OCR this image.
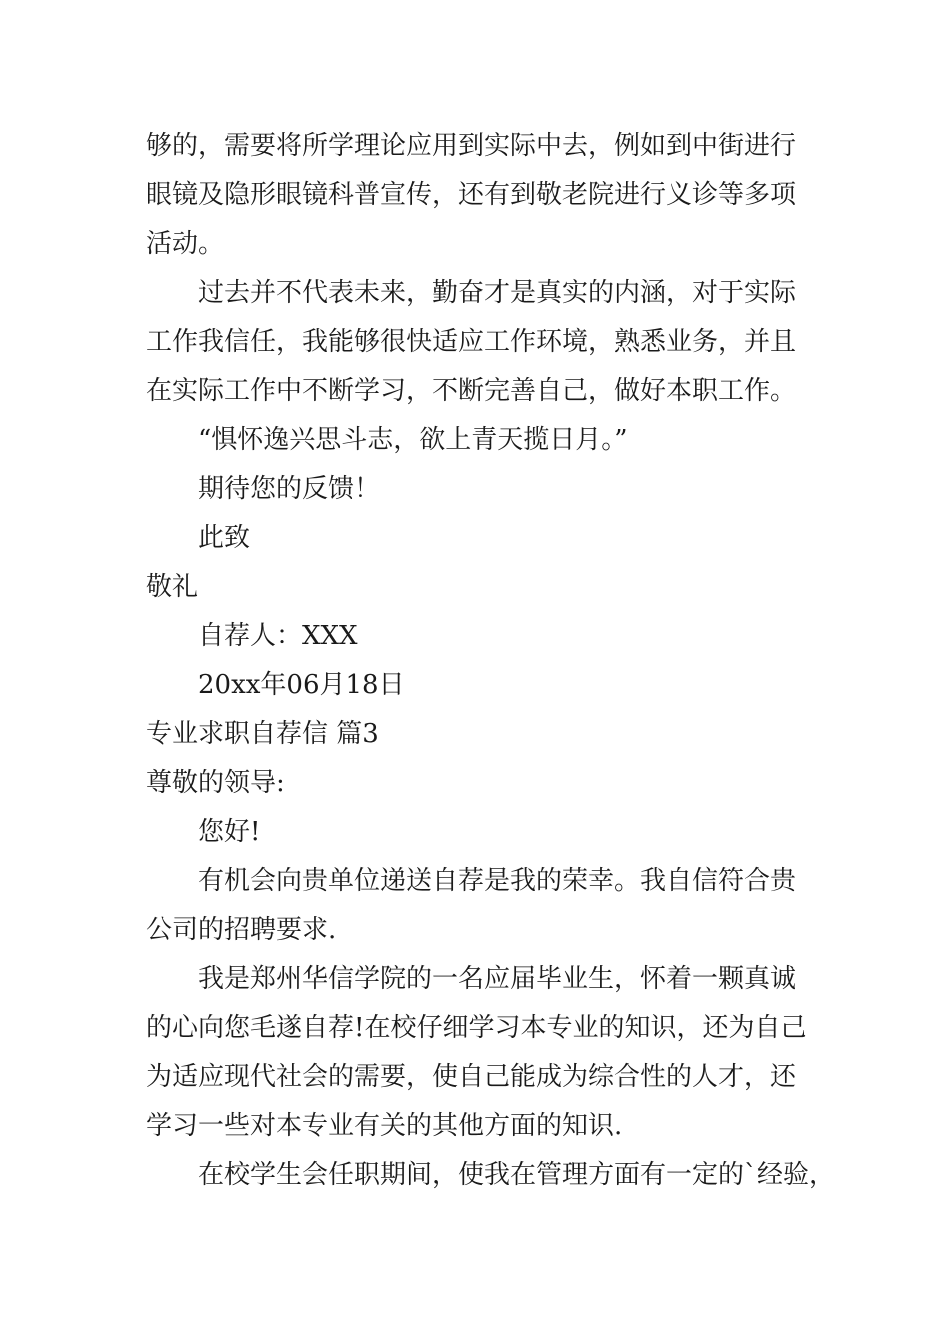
够的，需要将所学理论应用到实际中去，例如到中街进行
眼镜及隐形眼镜科普宣传，还有到敬老院进行义诊等多项
活动。
过去并不代表未来，勤奋才是真实的内涵，对于实际
工作我信任，我能够很快适应工作环境，熟悉业务，并且
在实际工作中不断学习，不断完善自己，做好本职工作。
“惧怀逸兴思斗志，欲上青天揽日月。”
期待您的反馈！
此致
敬礼
自荐人：XXX
20xx年06月18日
专业求职自荐信 篇3
尊敬的领导:
您好!
有机会向贵单位递送自荐是我的荣幸。我自信符合贵
公司的招聘要求.
我是郑州华信学院的一名应届毕业生，怀着一颗真诚
的心向您毛遂自荐!在校仔细学习本专业的知识，还为自己
为适应现代社会的需要，使自己能成为综合性的人才，还
学习一些对本专业有关的其他方面的知识.
在校学生会任职期间，使我在管理方面有一定的`经验，
